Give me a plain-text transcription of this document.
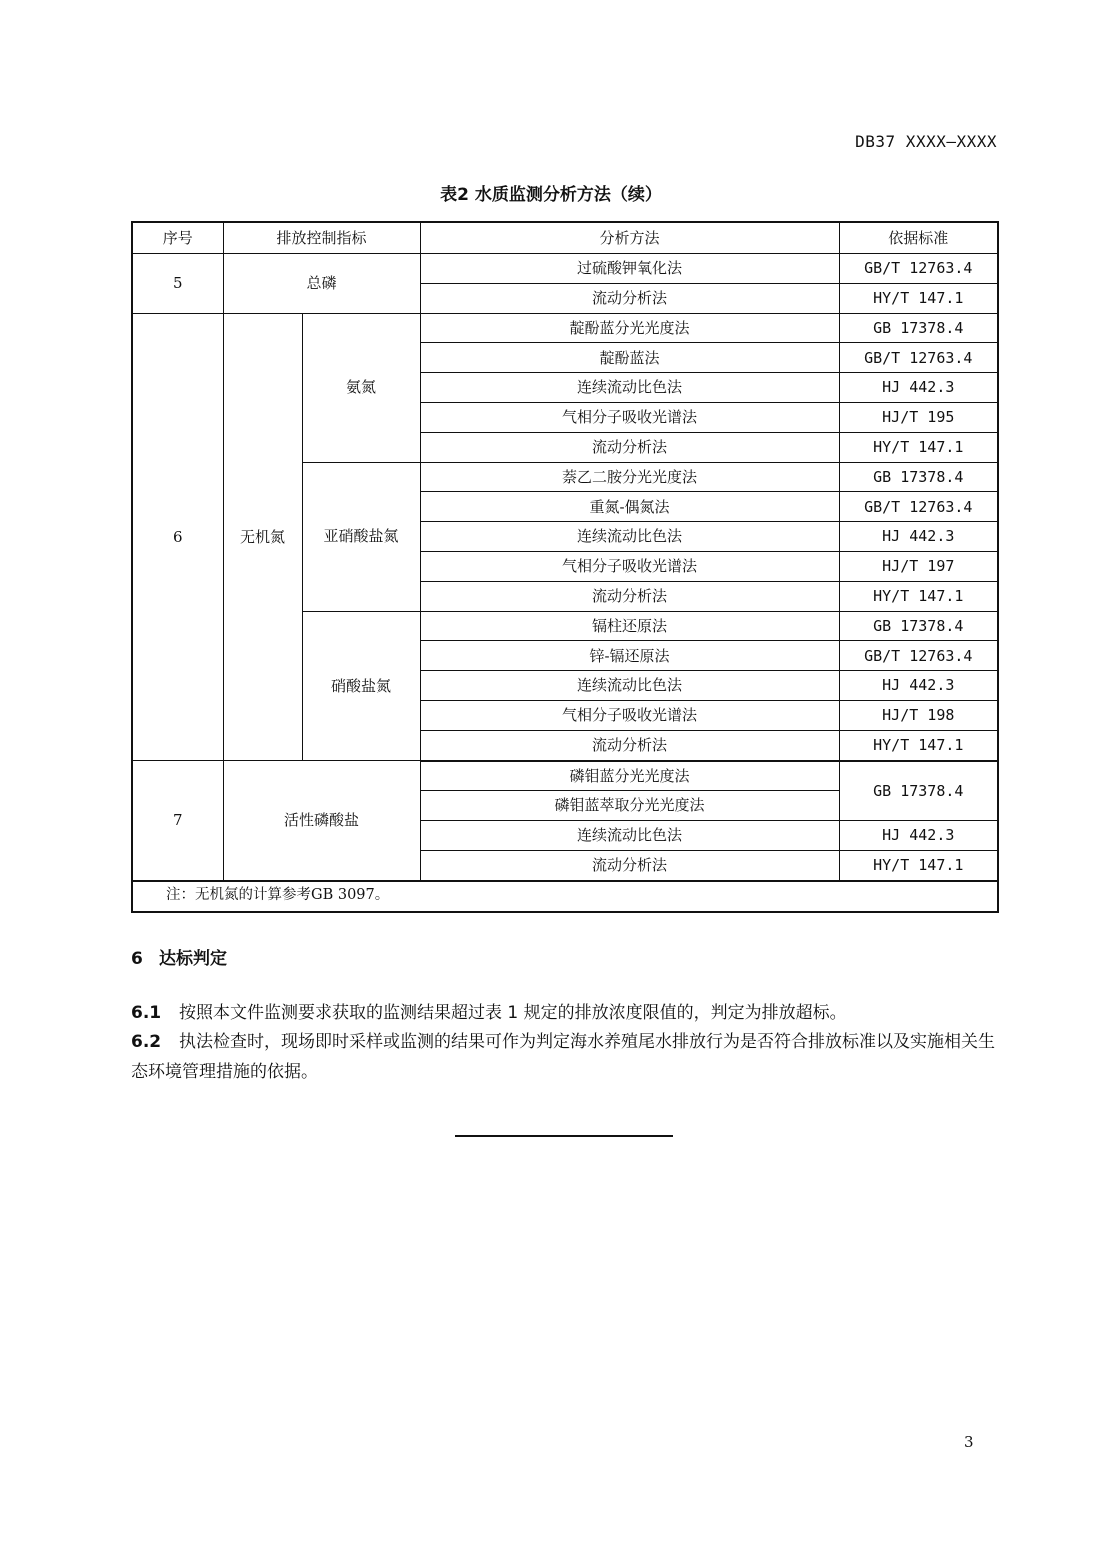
DB37 XXXX—XXXX
表2 水质监测分析方法（续）
序号	排放控制指标		分析方法	依据标准
5	总磷		过硫酸钾氧化法	GB/T 12763.4
			流动分析法	HY/T 147.1
6	无机氮	氨氮	靛酚蓝分光光度法	GB 17378.4
			靛酚蓝法	GB/T 12763.4
			连续流动比色法	HJ 442.3
			气相分子吸收光谱法	HJ/T 195
			流动分析法	HY/T 147.1
		亚硝酸盐氮	萘乙二胺分光光度法	GB 17378.4
			重氮-偶氮法	GB/T 12763.4
			连续流动比色法	HJ 442.3
			气相分子吸收光谱法	HJ/T 197
			流动分析法	HY/T 147.1
		硝酸盐氮	镉柱还原法	GB 17378.4
			锌-镉还原法	GB/T 12763.4
			连续流动比色法	HJ 442.3
			气相分子吸收光谱法	HJ/T 198
			流动分析法	HY/T 147.1
7	活性磷酸盐		磷钼蓝分光光度法	GB 17378.4
			磷钼蓝萃取分光光度法	
			连续流动比色法	HJ 442.3
			流动分析法	HY/T 147.1
注：无机氮的计算参考GB 3097。				
6 达标判定
6.1 按照本文件监测要求获取的监测结果超过表 1 规定的排放浓度限值的，判定为排放超标。
6.2 执法检查时，现场即时采样或监测的结果可作为判定海水养殖尾水排放行为是否符合排放标准以及实施相关生态环境管理措施的依据。
3
